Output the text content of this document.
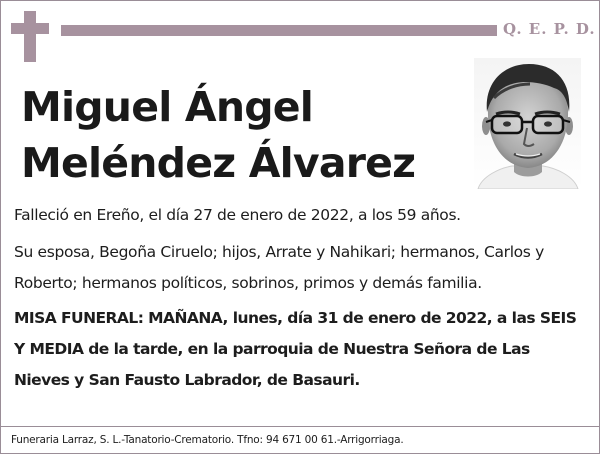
Q. E. P. D.
Miguel Ángel
Meléndez Álvarez
Falleció en Ereño, el día 27 de enero de 2022, a los 59 años.
Su esposa, Begoña Ciruelo; hijos, Arrate y Nahikari; hermanos, Carlos y Roberto; hermanos políticos, sobrinos, primos y demás familia.
MISA FUNERAL: MAÑANA, lunes, día 31 de enero de 2022, a las SEIS Y MEDIA de la tarde, en la parroquia de Nuestra Señora de Las Nieves y San Fausto Labrador, de Basauri.
Funeraria Larraz, S. L.-Tanatorio-Crematorio. Tfno: 94 671 00 61.-Arrigorriaga.
